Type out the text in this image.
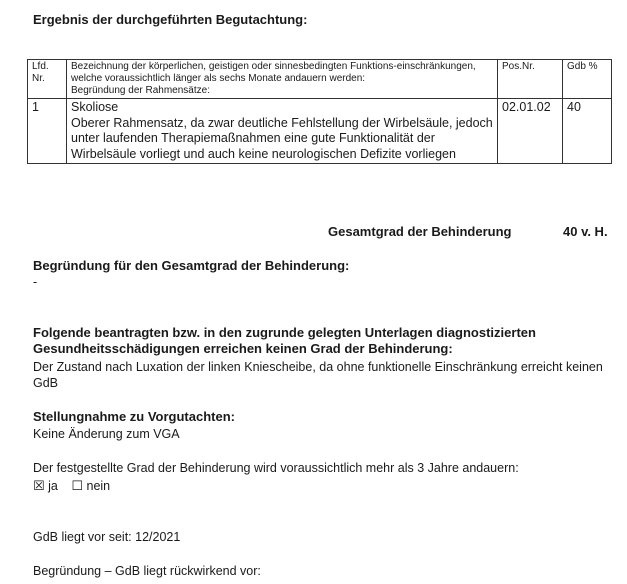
Ergebnis der durchgeführten Begutachtung:
Lfd. Nr.	Bezeichnung der körperlichen, geistigen oder sinnesbedingten Funktions-einschränkungen, welche voraussichtlich länger als sechs Monate andauern werden:
Begründung der Rahmensätze:	Pos.Nr.	Gdb %
1	Skoliose
Oberer Rahmensatz, da zwar deutliche Fehlstellung der Wirbelsäule, jedoch unter laufenden Therapiemaßnahmen eine gute Funktionalität der Wirbelsäule vorliegt und auch keine neurologischen Defizite vorliegen	02.01.02	40
Gesamtgrad der Behinderung	40 v. H.
Begründung für den Gesamtgrad der Behinderung:
-
Folgende beantragten bzw. in den zugrunde gelegten Unterlagen diagnostizierten Gesundheitsschädigungen erreichen keinen Grad der Behinderung:
Der Zustand nach Luxation der linken Kniescheibe, da ohne funktionelle Einschränkung erreicht keinen GdB
Stellungnahme zu Vorgutachten:
Keine Änderung zum VGA
Der festgestellte Grad der Behinderung wird voraussichtlich mehr als 3 Jahre andauern:
☒ ja ☐ nein
GdB liegt vor seit: 12/2021
Begründung – GdB liegt rückwirkend vor:
